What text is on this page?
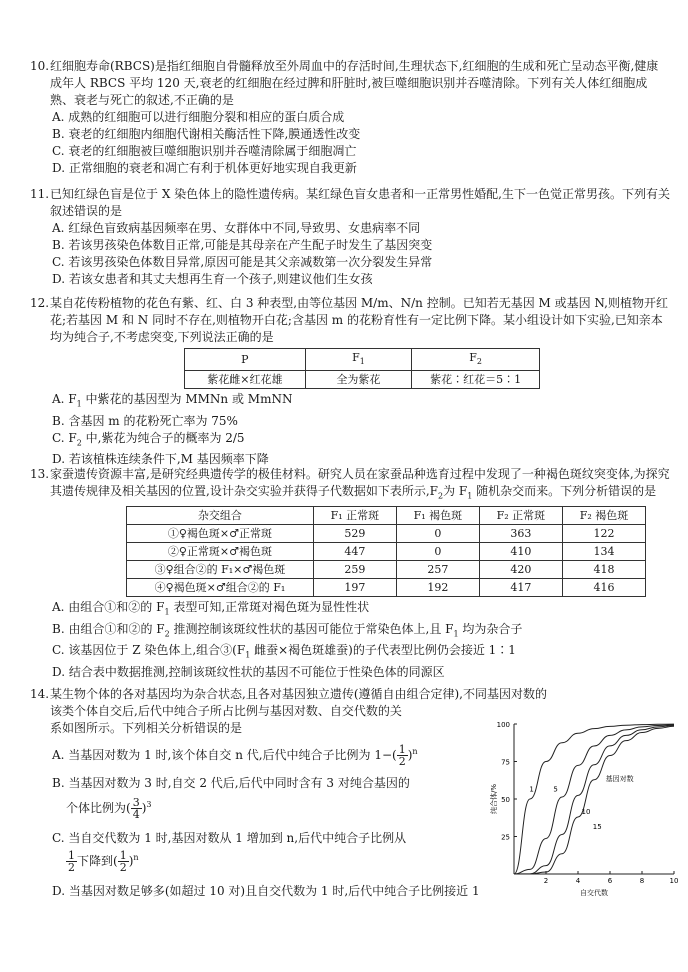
10.红细胞寿命(RBCS)是指红细胞自骨髓释放至外周血中的存活时间,生理状态下,红细胞的生成和死亡呈动态平衡,健康成年人 RBCS 平均 120 天,衰老的红细胞在经过脾和肝脏时,被巨噬细胞识别并吞噬清除。下列有关人体红细胞成熟、衰老与死亡的叙述,不正确的是
A. 成熟的红细胞可以进行细胞分裂和相应的蛋白质合成
B. 衰老的红细胞内细胞代谢相关酶活性下降,膜通透性改变
C. 衰老的红细胞被巨噬细胞识别并吞噬清除属于细胞凋亡
D. 正常细胞的衰老和凋亡有利于机体更好地实现自我更新
11.已知红绿色盲是位于 X 染色体上的隐性遗传病。某红绿色盲女患者和一正常男性婚配,生下一色觉正常男孩。下列有关叙述错误的是
A. 红绿色盲致病基因频率在男、女群体中不同,导致男、女患病率不同
B. 若该男孩染色体数目正常,可能是其母亲在产生配子时发生了基因突变
C. 若该男孩染色体数目异常,原因可能是其父亲减数第一次分裂发生异常
D. 若该女患者和其丈夫想再生育一个孩子,则建议他们生女孩
12.某自花传粉植物的花色有紫、红、白 3 种表型,由等位基因 M/m、N/n 控制。已知若无基因 M 或基因 N,则植物开红花;若基因 M 和 N 同时不存在,则植物开白花;含基因 m 的花粉育性有一定比例下降。某小组设计如下实验,已知亲本均为纯合子,不考虑突变,下列说法正确的是
P	$F_1$	$F_2$
紫花雌×红花雄	全为紫花	紫花∶红花＝5∶1
A. $F_1$ 中紫花的基因型为 MMNn 或 MmNN
B. 含基因 m 的花粉死亡率为 75%
C. $F_2$ 中,紫花为纯合子的概率为 2/5
D. 若该植株连续条件下,M 基因频率下降
13.家蚕遗传资源丰富,是研究经典遗传学的极佳材料。研究人员在家蚕品种选育过程中发现了一种褐色斑纹突变体,为探究其遗传规律及相关基因的位置,设计杂交实验并获得子代数据如下表所示$,F_2$为 $F_1$ 随机杂交而来。下列分析错误的是
杂交组合	F₁ 正常斑	F₁ 褐色斑	F₂ 正常斑	F₂ 褐色斑
①♀褐色斑×♂正常斑	529	0	363	122
②♀正常斑×♂褐色斑	447	0	410	134
③♀组合②的 F₁×♂褐色斑	259	257	420	418
④♀褐色斑×♂组合②的 F₁	197	192	417	416
A. 由组合①和②的 $F_1$ 表型可知,正常斑对褐色斑为显性性状
B. 由组合①和②的 $F_2$ 推测控制该斑纹性状的基因可能位于常染色体上,且 $F_1$ 均为杂合子
C. 该基因位于 Z 染色体上,组合$③(F_1$ 雌蚕×褐色斑雄蚕)的子代表型比例仍会接近 1∶1
D. 结合表中数据推测,控制该斑纹性状的基因不可能位于性染色体的同源区
14.某生物个体的各对基因均为杂合状态,且各对基因独立遗传(遵循自由组合定律),不同基因对数的
该类个体自交后,后代中纯合子所占比例与基因对数、自交代数的关
系如图所示。下列相关分析错误的是
A. 当基因对数为 1 时,该个体自交 n 代,后代中纯合子比例为 $1-( \frac{1}{2} )^n$
B. 当基因对数为 3 时,自交 2 代后,后代中同时含有 3 对纯合基因的
个体比例为( $\frac{3}{4} )^3$
C. 当自交代数为 1 时,基因对数从 1 增加到 n,后代中纯合子比例从
$\frac{1}{2}$ 下降到( $\frac{1}{2} )^n$
D. 当基因对数足够多(如超过 10 对)且自交代数为 1 时,后代中纯合子比例接近 1
25
50
75
100
2	4	6	8	10
自交代数
纯合体/%	1	5
10
15
基因对数
